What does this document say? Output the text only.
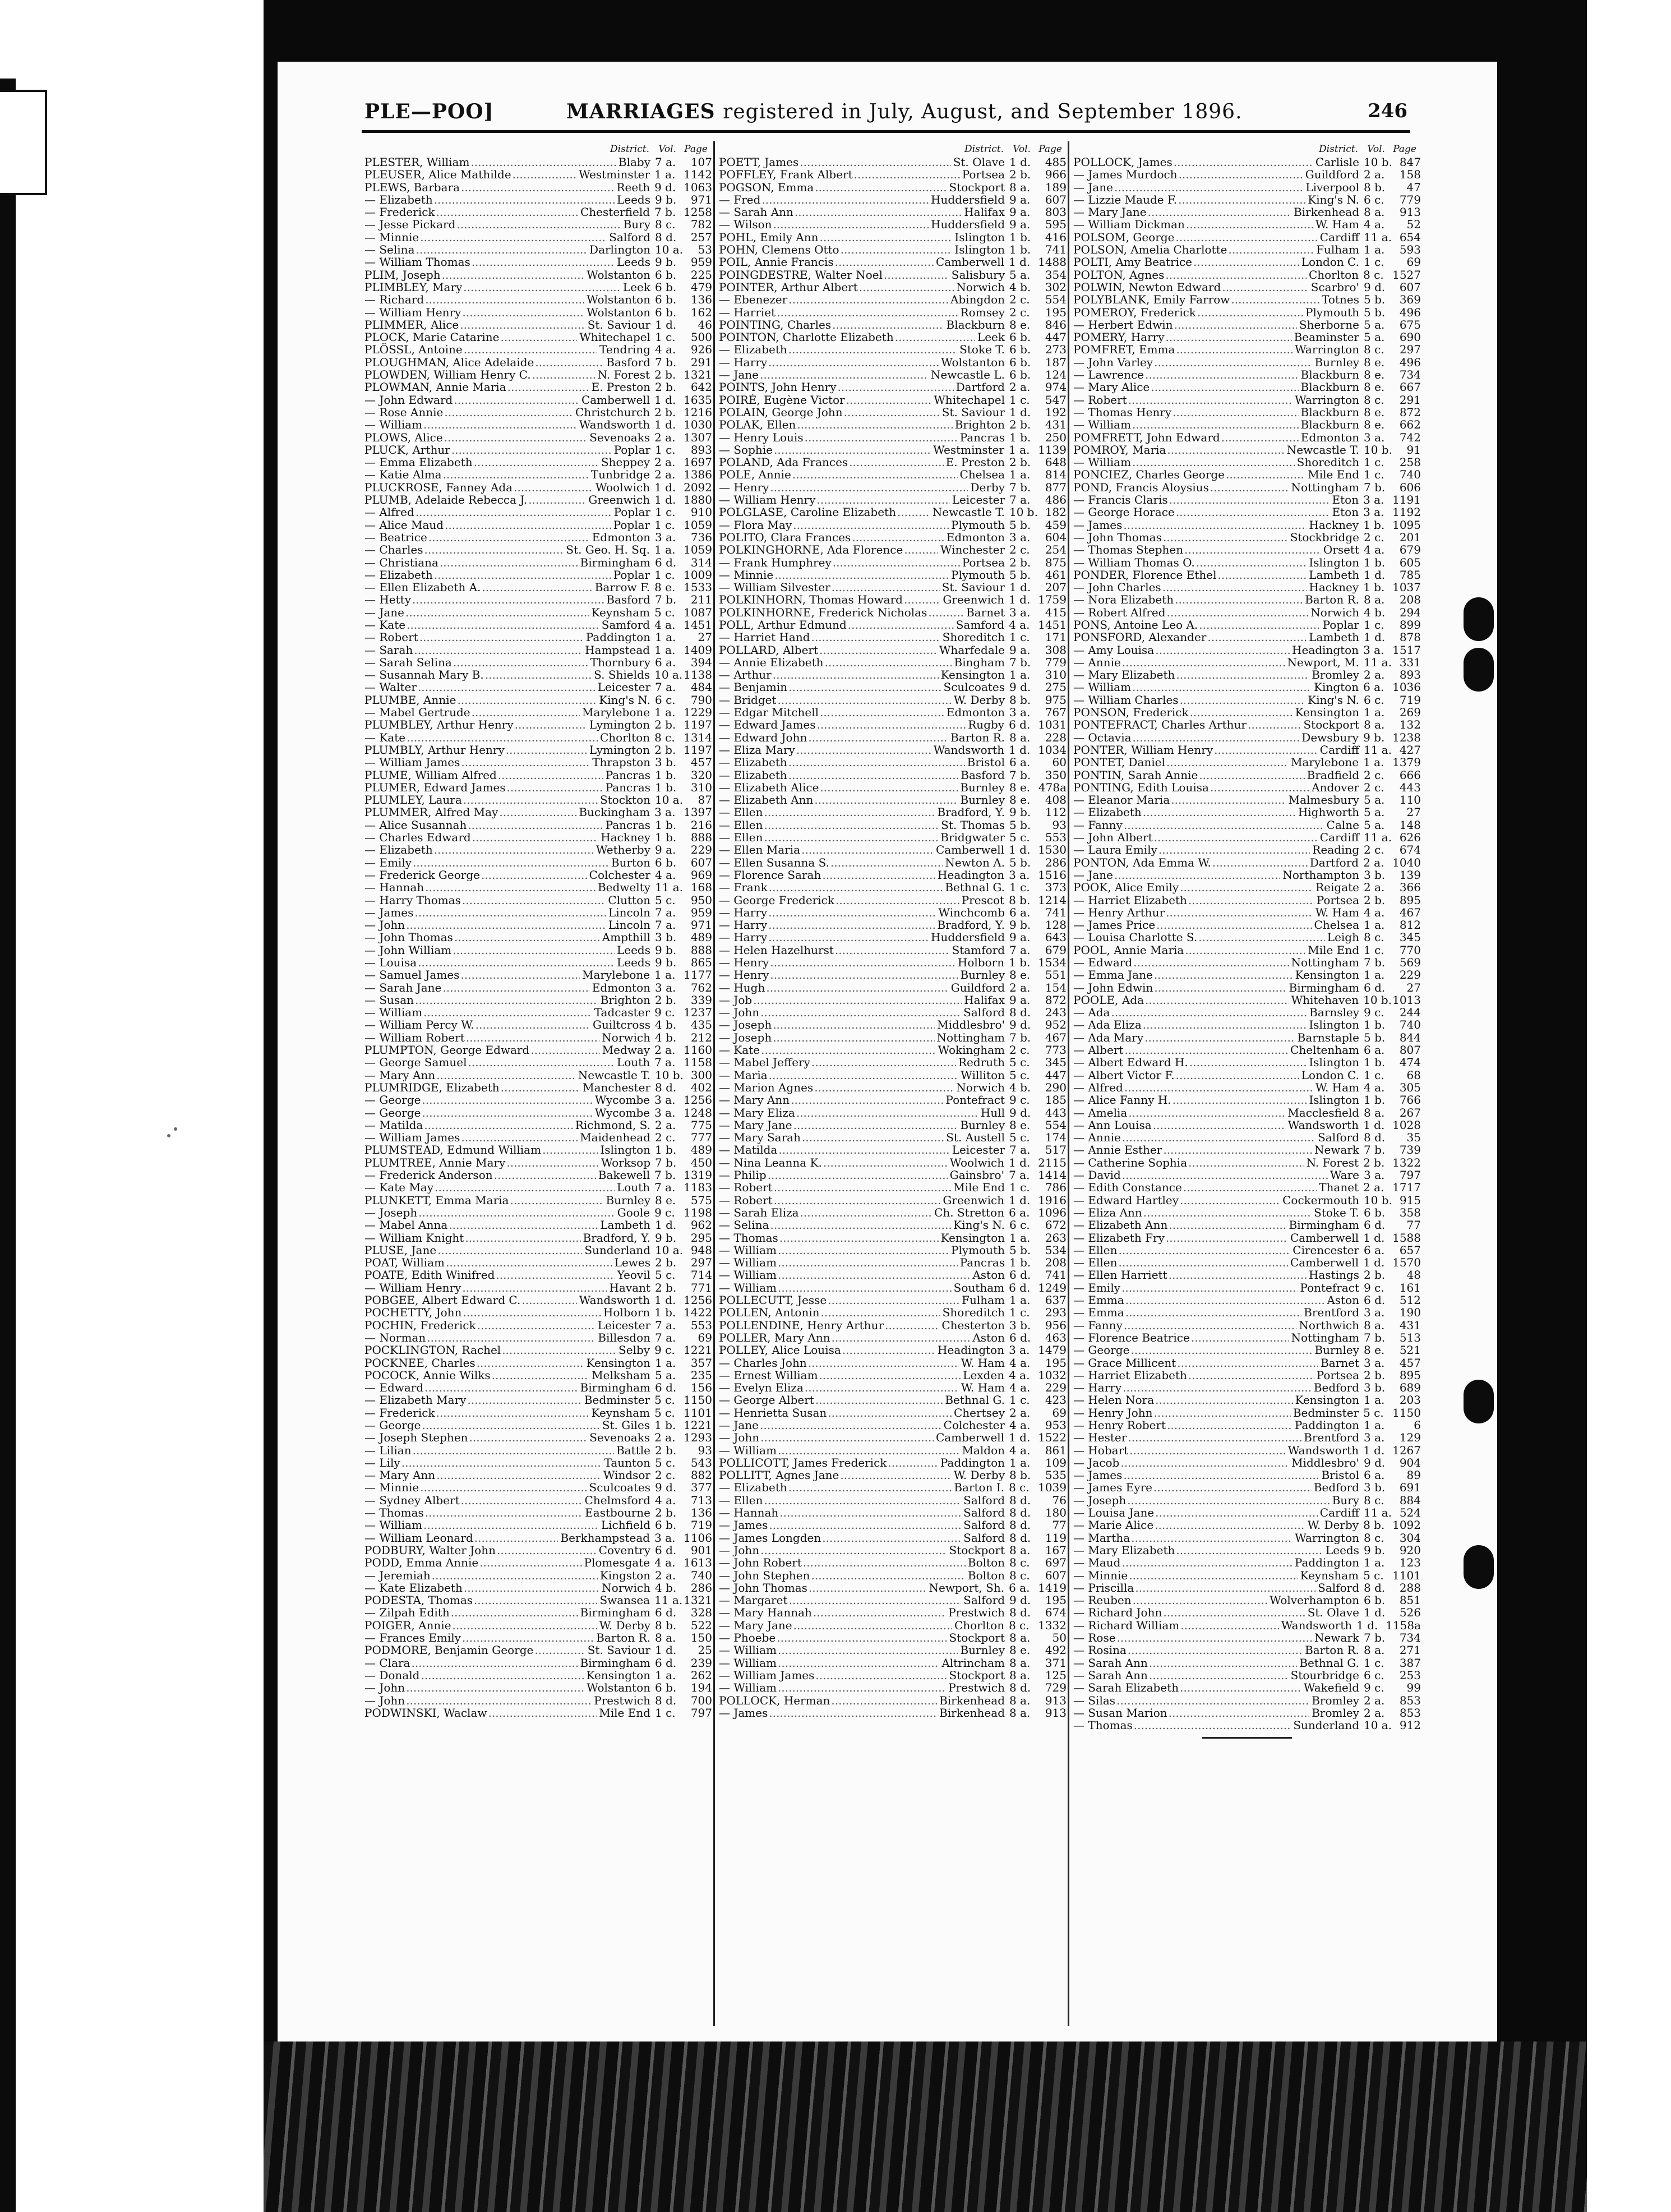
PLE—POO]	MARRIAGES registered in July, August, and September 1896.	246
District. Vol. Page
PLESTER, William .....	Blaby 7 a.	107
PLEUSER, Alice Mathilde .....	Westminster 1 a. 1142
PLEWS, Barbara .....	Reeth 9 d. 1063
— Elizabeth .....	Leeds 9 b.	971
— Frederick .....	Chesterfield 7 b. 1258
— Jesse Pickard .....	Bury 8 c.	782
— Minnie .....	Salford 8 d.	257
— Selina .....	Darlington 10 a.	53
— William Thomas .....	Leeds 9 b.	959
PLIM, Joseph .....	Wolstanton 6 b.	225
PLIMBLEY, Mary .....	Leek 6 b.	479
— Richard .....	Wolstanton 6 b.	136
— William Henry .....	Wolstanton 6 b.	162
PLIMMER, Alice .....	St. Saviour 1 d.	46
PLOCK, Marie Catarine .....	Whitechapel 1 c.	500
PLÖSSL, Antoine .....	Tendring 4 a.	926
PLOUGHMAN, Alice Adelaide .....	Basford 7 b.	291
PLOWDEN, William Henry C. .....	N. Forest 2 b. 1321
PLOWMAN, Annie Maria .....	E. Preston 2 b.	642
— John Edward .....	Camberwell 1 d. 1635
— Rose Annie .....	Christchurch 2 b. 1216
— William .....	Wandsworth 1 d. 1030
PLOWS, Alice .....	Sevenoaks 2 a. 1307
PLUCK, Arthur .....	Poplar 1 c.	893
— Emma Elizabeth .....	Sheppey 2 a. 1697
— Katie Alma .....	Tunbridge 2 a. 1386
PLUCKROSE, Fanney Ada .....	Woolwich 1 d. 2092
PLUMB, Adelaide Rebecca J. .....	Greenwich 1 d. 1880
— Alfred .....	Poplar 1 c.	910
— Alice Maud .....	Poplar 1 c. 1059
— Beatrice .....	Edmonton 3 a.	736
— Charles .....	St. Geo. H. Sq. 1 a. 1059
— Christiana .....	Birmingham 6 d.	314
— Elizabeth .....	Poplar 1 c. 1009
— Ellen Elizabeth A. .....	Barrow F. 8 e. 1533
— Hetty .....	Basford 7 b.	211
— Jane .....	Keynsham 5 c. 1087
— Kate .....	Samford 4 a. 1451
— Robert .....	Paddington 1 a.	27
— Sarah .....	Hampstead 1 a. 1409
— Sarah Selina .....	Thornbury 6 a.	394
— Susannah Mary B. .....	S. Shields 10 a. 1138
— Walter .....	Leicester 7 a.	484
PLUMBE, Annie .....	King's N. 6 c.	790
— Mabel Gertrude .....	Marylebone 1 a. 1229
PLUMBLEY, Arthur Henry .....	Lymington 2 b. 1197
— Kate .....	Chorlton 8 c. 1314
PLUMBLY, Arthur Henry .....	Lymington 2 b. 1197
— William James .....	Thrapston 3 b.	457
PLUME, William Alfred .....	Pancras 1 b.	320
PLUMER, Edward James .....	Pancras 1 b.	310
PLUMLEY, Laura .....	Stockton 10 a.	87
PLUMMER, Alfred May .....	Buckingham 3 a. 1397
— Alice Susannah .....	Pancras 1 b.	216
— Charles Edward .....	Hackney 1 b.	888
— Elizabeth .....	Wetherby 9 a.	229
— Emily .....	Burton 6 b.	607
— Frederick George .....	Colchester 4 a.	969
— Hannah .....	Bedwelty 11 a. 168
— Harry Thomas .....	Clutton 5 c.	950
— James .....	Lincoln 7 a.	959
— John .....	Lincoln 7 a.	971
— John Thomas .....	Ampthill 3 b.	489
— John William .....	Leeds 9 b.	888
— Louisa .....	Leeds 9 b.	865
— Samuel James .....	Marylebone 1 a. 1177
— Sarah Jane .....	Edmonton 3 a.	762
— Susan .....	Brighton 2 b.	339
— William .....	Tadcaster 9 c. 1237
— William Percy W. .....	Guiltcross 4 b.	435
— William Robert .....	Norwich 4 b.	212
PLUMPTON, George Edward .....	Medway 2 a. 1160
— George Samuel .....	Louth 7 a. 1158
— Mary Ann .....	Newcastle T. 10 b. 300
PLUMRIDGE, Elizabeth .....	Manchester 8 d.	402
— George .....	Wycombe 3 a. 1256
— George .....	Wycombe 3 a. 1248
— Matilda .....	Richmond, S. 2 a.	775
— William James .....	Maidenhead 2 c.	777
PLUMSTEAD, Edmund William .....	Islington 1 b.	489
PLUMTREE, Annie Mary .....	Worksop 7 b.	450
— Frederick Anderson .....	Bakewell 7 b. 1319
— Kate May .....	Louth 7 a. 1183
PLUNKETT, Emma Maria .....	Burnley 8 e.	575
— Joseph .....	Goole 9 c. 1198
— Mabel Anna .....	Lambeth 1 d.	962
— William Knight .....	Bradford, Y. 9 b.	295
PLUSE, Jane .....	Sunderland 10 a. 948
POAT, William .....	Lewes 2 b.	297
POATE, Edith Winifred .....	Yeovil 5 c.	714
— William Henry .....	Havant 2 b.	771
POBGEE, Albert Edward C. .....	Wandsworth 1 d. 1256
POCHETTY, John .....	Holborn 1 b. 1422
POCHIN, Frederick .....	Leicester 7 a.	553
— Norman .....	Billesdon 7 a.	69
POCKLINGTON, Rachel .....	Selby 9 c. 1221
POCKNEE, Charles .....	Kensington 1 a.	357
POCOCK, Annie Wilks .....	Melksham 5 a.	235
— Edward .....	Birmingham 6 d.	156
— Elizabeth Mary .....	Bedminster 5 c. 1150
— Frederick .....	Keynsham 5 c. 1101
— George .....	St. Giles 1 b. 1221
— Joseph Stephen .....	Sevenoaks 2 a. 1293
— Lilian .....	Battle 2 b.	93
— Lily .....	Taunton 5 c.	543
— Mary Ann .....	Windsor 2 c.	882
— Minnie .....	Sculcoates 9 d.	377
— Sydney Albert .....	Chelmsford 4 a.	713
— Thomas .....	Eastbourne 2 b.	136
— William .....	Lichfield 6 b.	719
— William Leonard .....	Berkhampstead 3 a. 1106
PODBURY, Walter John .....	Coventry 6 d.	901
PODD, Emma Annie .....	Plomesgate 4 a. 1613
— Jeremiah .....	Kingston 2 a.	740
— Kate Elizabeth .....	Norwich 4 b.	286
PODESTA, Thomas .....	Swansea 11 a. 1321
— Zilpah Edith .....	Birmingham 6 d.	328
POIGER, Annie .....	W. Derby 8 b.	522
— Frances Emily .....	Barton R. 8 a.	150
PODMORE, Benjamin George .....	St. Saviour 1 d.	25
— Clara .....	Birmingham 6 d.	239
— Donald .....	Kensington 1 a.	262
— John .....	Wolstanton 6 b.	194
— John .....	Prestwich 8 d.	700
PODWINSKI, Waclaw .....	Mile End 1 c.	797
District. Vol. Page
POETT, James .....	St. Olave 1 d.	485
POFFLEY, Frank Albert .....	Portsea 2 b.	966
POGSON, Emma .....	Stockport 8 a.	189
— Fred .....	Huddersfield 9 a.	607
— Sarah Ann .....	Halifax 9 a.	803
— Wilson .....	Huddersfield 9 a.	595
POHL, Emily Ann .....	Islington 1 b.	416
POHN, Clemens Otto .....	Islington 1 b.	741
POIL, Annie Francis .....	Camberwell 1 d. 1488
POINGDESTRE, Walter Noel .....	Salisbury 5 a.	354
POINTER, Arthur Albert .....	Norwich 4 b.	302
— Ebenezer .....	Abingdon 2 c.	554
— Harriet .....	Romsey 2 c.	195
POINTING, Charles .....	Blackburn 8 e.	846
POINTON, Charlotte Elizabeth .....	Leek 6 b.	447
— Elizabeth .....	Stoke T. 6 b.	273
— Harry .....	Wolstanton 6 b.	187
— Jane .....	Newcastle L. 6 b.	124
POINTS, John Henry .....	Dartford 2 a.	974
POIRÉ, Eugène Victor .....	Whitechapel 1 c.	547
POLAIN, George John .....	St. Saviour 1 d.	192
POLAK, Ellen .....	Brighton 2 b.	431
— Henry Louis .....	Pancras 1 b.	250
— Sophie .....	Westminster 1 a. 1139
POLAND, Ada Frances .....	E. Preston 2 b.	648
POLE, Annie .....	Chelsea 1 a.	814
— Henry .....	Derby 7 b.	877
— William Henry .....	Leicester 7 a.	486
POLGLASE, Caroline Elizabeth .....	Newcastle T. 10 b. 182
— Flora May .....	Plymouth 5 b.	459
POLITO, Clara Frances .....	Edmonton 3 a.	604
POLKINGHORNE, Ada Florence .....	Winchester 2 c.	254
— Frank Humphrey .....	Portsea 2 b.	875
— Minnie .....	Plymouth 5 b.	461
— William Silvester .....	St. Saviour 1 d.	207
POLKINHORN, Thomas Howard .....	Greenwich 1 d. 1759
POLKINHORNE, Frederick Nicholas .....	Barnet 3 a.	415
POLL, Arthur Edmund .....	Samford 4 a. 1451
— Harriet Hand .....	Shoreditch 1 c.	171
POLLARD, Albert .....	Wharfedale 9 a.	308
— Annie Elizabeth .....	Bingham 7 b.	779
— Arthur .....	Kensington 1 a.	310
— Benjamin .....	Sculcoates 9 d.	275
— Bridget .....	W. Derby 8 b.	975
— Edgar Mitchell .....	Edmonton 3 a.	767
— Edward James .....	Rugby 6 d. 1031
— Edward John .....	Barton R. 8 a.	228
— Eliza Mary .....	Wandsworth 1 d. 1034
— Elizabeth .....	Bristol 6 a.	60
— Elizabeth .....	Basford 7 b.	350
— Elizabeth Alice .....	Burnley 8 e. 478a
— Elizabeth Ann .....	Burnley 8 e.	408
— Ellen .....	Bradford, Y. 9 b.	112
— Ellen .....	St. Thomas 5 b.	93
— Ellen .....	Bridgwater 5 c.	553
— Ellen Maria .....	Camberwell 1 d. 1530
— Ellen Susanna S. .....	Newton A. 5 b.	286
— Florence Sarah .....	Headington 3 a. 1516
— Frank .....	Bethnal G. 1 c.	373
— George Frederick .....	Prescot 8 b. 1214
— Harry .....	Winchcomb 6 a.	741
— Harry .....	Bradford, Y. 9 b.	128
— Harry .....	Huddersfield 9 a.	643
— Helen Hazelhurst .....	Stamford 7 a.	679
— Henry .....	Holborn 1 b. 1534
— Henry .....	Burnley 8 e.	551
— Hugh .....	Guildford 2 a.	154
— Job .....	Halifax 9 a.	872
— John .....	Salford 8 d.	243
— Joseph .....	Middlesbro' 9 d.	952
— Joseph .....	Nottingham 7 b.	467
— Kate .....	Wokingham 2 c.	773
— Mabel Jeffery .....	Redruth 5 c.	345
— Maria .....	Williton 5 c.	447
— Marion Agnes .....	Norwich 4 b.	290
— Mary Ann .....	Pontefract 9 c.	185
— Mary Eliza .....	Hull 9 d.	443
— Mary Jane .....	Burnley 8 e.	554
— Mary Sarah .....	St. Austell 5 c.	174
— Matilda .....	Leicester 7 a.	517
— Nina Leanna K. .....	Woolwich 1 d. 2115
— Philip .....	Gainsbro' 7 a. 1414
— Robert .....	Mile End 1 c.	786
— Robert .....	Greenwich 1 d. 1916
— Sarah Eliza .....	Ch. Stretton 6 a. 1096
— Selina .....	King's N. 6 c.	672
— Thomas .....	Kensington 1 a.	263
— William .....	Plymouth 5 b.	534
— William .....	Pancras 1 b.	208
— William .....	Aston 6 d.	741
— William .....	Southam 6 d. 1249
POLLECUTT, Jesse .....	Fulham 1 a.	637
POLLEN, Antonin .....	Shoreditch 1 c.	293
POLLENDINE, Henry Arthur .....	Chesterton 3 b.	956
POLLER, Mary Ann .....	Aston 6 d.	463
POLLEY, Alice Louisa .....	Headington 3 a. 1479
— Charles John .....	W. Ham 4 a.	195
— Ernest William .....	Lexden 4 a. 1032
— Evelyn Eliza .....	W. Ham 4 a.	229
— George Albert .....	Bethnal G. 1 c.	423
— Henrietta Susan .....	Chertsey 2 a.	69
— Jane .....	Colchester 4 a.	953
— John .....	Camberwell 1 d. 1522
— William .....	Maldon 4 a.	861
POLLICOTT, James Frederick .....	Paddington 1 a.	109
POLLITT, Agnes Jane .....	W. Derby 8 b.	535
— Elizabeth .....	Barton I. 8 c. 1039
— Ellen .....	Salford 8 d.	76
— Hannah .....	Salford 8 d.	180
— James .....	Salford 8 d.	77
— James Longden .....	Salford 8 d.	119
— John .....	Stockport 8 a.	167
— John Robert .....	Bolton 8 c.	697
— John Stephen .....	Bolton 8 c.	607
— John Thomas .....	Newport, Sh. 6 a. 1419
— Margaret .....	Salford 9 d.	195
— Mary Hannah .....	Prestwich 8 d.	674
— Mary Jane .....	Chorlton 8 c. 1332
— Phoebe .....	Stockport 8 a.	50
— William .....	Burnley 8 e.	492
— William .....	Altrincham 8 a.	371
— William James .....	Stockport 8 a.	125
— William .....	Prestwich 8 d.	729
POLLOCK, Herman .....	Birkenhead 8 a.	913
— James .....	Birkenhead 8 a.	913
District. Vol. Page
POLLOCK, James .....	Carlisle 10 b. 847
— James Murdoch .....	Guildford 2 a.	158
— Jane .....	Liverpool 8 b.	47
— Lizzie Maude F. .....	King's N. 6 c.	779
— Mary Jane .....	Birkenhead 8 a.	913
— William Dickman .....	W. Ham 4 a.	52
POLSOM, George .....	Cardiff 11 a. 654
POLSON, Amelia Charlotte .....	Fulham 1 a.	593
POLTI, Amy Beatrice .....	London C. 1 c.	69
POLTON, Agnes .....	Chorlton 8 c. 1527
POLWIN, Newton Edward .....	Scarbro' 9 d.	607
POLYBLANK, Emily Farrow .....	Totnes 5 b.	369
POMEROY, Frederick .....	Plymouth 5 b.	496
— Herbert Edwin .....	Sherborne 5 a.	675
POMERY, Harry .....	Beaminster 5 a.	690
POMFRET, Emma .....	Warrington 8 c.	297
— John Varley .....	Burnley 8 e.	496
— Lawrence .....	Blackburn 8 e.	734
— Mary Alice .....	Blackburn 8 e.	667
— Robert .....	Warrington 8 c.	291
— Thomas Henry .....	Blackburn 8 e.	872
— William .....	Blackburn 8 e.	662
POMFRETT, John Edward .....	Edmonton 3 a.	742
POMROY, Maria .....	Newcastle T. 10 b.	91
— William .....	Shoreditch 1 c.	258
PONCIEZ, Charles George .....	Mile End 1 c.	740
POND, Francis Aloysius .....	Nottingham 7 b.	606
— Francis Claris .....	Eton 3 a. 1191
— George Horace .....	Eton 3 a. 1192
— James .....	Hackney 1 b. 1095
— John Thomas .....	Stockbridge 2 c.	201
— Thomas Stephen .....	Orsett 4 a.	679
— William Thomas O. .....	Islington 1 b.	605
PONDER, Florence Ethel .....	Lambeth 1 d.	785
— John Charles .....	Hackney 1 b. 1037
— Nora Elizabeth .....	Barton R. 8 a.	208
— Robert Alfred .....	Norwich 4 b.	294
PONS, Antoine Leo A. .....	Poplar 1 c.	899
PONSFORD, Alexander .....	Lambeth 1 d.	878
— Amy Louisa .....	Headington 3 a. 1517
— Annie .....	Newport, M. 11 a. 331
— Mary Elizabeth .....	Bromley 2 a.	893
— William .....	Kington 6 a. 1036
— William Charles .....	King's N. 6 c.	719
PONSON, Frederick .....	Kensington 1 a.	269
PONTEFRACT, Charles Arthur .....	Stockport 8 a.	132
— Octavia .....	Dewsbury 9 b. 1238
PONTER, William Henry .....	Cardiff 11 a. 427
PONTET, Daniel .....	Marylebone 1 a. 1379
PONTIN, Sarah Annie .....	Bradfield 2 c.	666
PONTING, Edith Louisa .....	Andover 2 c.	443
— Eleanor Maria .....	Malmesbury 5 a.	110
— Elizabeth .....	Highworth 5 a.	27
— Fanny .....	Calne 5 a.	148
— John Albert .....	Cardiff 11 a. 626
— Laura Emily .....	Reading 2 c.	674
PONTON, Ada Emma W. .....	Dartford 2 a. 1040
— Jane .....	Northampton 3 b.	139
POOK, Alice Emily .....	Reigate 2 a.	366
— Harriet Elizabeth .....	Portsea 2 b.	895
— Henry Arthur .....	W. Ham 4 a.	467
— James Price .....	Chelsea 1 a.	812
— Louisa Charlotte S. .....	Leigh 8 c.	345
POOL, Annie Maria .....	Mile End 1 c.	770
— Edward .....	Nottingham 7 b.	569
— Emma Jane .....	Kensington 1 a.	229
— John Edwin .....	Birmingham 6 d.	27
POOLE, Ada .....	Whitehaven 10 b. 1013
— Ada .....	Barnsley 9 c.	244
— Ada Eliza .....	Islington 1 b.	740
— Ada Mary .....	Barnstaple 5 b.	844
— Albert .....	Cheltenham 6 a.	807
— Albert Edward H. .....	Islington 1 b.	474
— Albert Victor F. .....	London C. 1 c.	68
— Alfred .....	W. Ham 4 a.	305
— Alice Fanny H. .....	Islington 1 b.	766
— Amelia .....	Macclesfield 8 a.	267
— Ann Louisa .....	Wandsworth 1 d. 1028
— Annie .....	Salford 8 d.	35
— Annie Esther .....	Newark 7 b.	739
— Catherine Sophia .....	N. Forest 2 b. 1322
— David .....	Ware 3 a.	797
— Edith Constance .....	Thanet 2 a. 1717
— Edward Hartley .....	Cockermouth 10 b. 915
— Eliza Ann .....	Stoke T. 6 b.	358
— Elizabeth Ann .....	Birmingham 6 d.	77
— Elizabeth Fry .....	Camberwell 1 d. 1588
— Ellen .....	Cirencester 6 a.	657
— Ellen .....	Camberwell 1 d. 1570
— Ellen Harriett .....	Hastings 2 b.	48
— Emily .....	Pontefract 9 c.	161
— Emma .....	Aston 6 d.	512
— Emma .....	Brentford 3 a.	190
— Fanny .....	Northwich 8 a.	431
— Florence Beatrice .....	Nottingham 7 b.	513
— George .....	Burnley 8 e.	521
— Grace Millicent .....	Barnet 3 a.	457
— Harriet Elizabeth .....	Portsea 2 b.	895
— Harry .....	Bedford 3 b.	689
— Helen Nora .....	Kensington 1 a.	203
— Henry John .....	Bedminster 5 c. 1150
— Henry Robert .....	Paddington 1 a.	6
— Hester .....	Brentford 3 a.	129
— Hobart .....	Wandsworth 1 d. 1267
— Jacob .....	Middlesbro' 9 d.	904
— James .....	Bristol 6 a.	89
— James Eyre .....	Bedford 3 b.	691
— Joseph .....	Bury 8 c.	884
— Louisa Jane .....	Cardiff 11 a. 524
— Marie Alice .....	W. Derby 8 b. 1092
— Martha .....	Warrington 8 c.	304
— Mary Elizabeth .....	Leeds 9 b.	920
— Maud .....	Paddington 1 a.	123
— Minnie .....	Keynsham 5 c. 1101
— Priscilla .....	Salford 8 d.	288
— Reuben .....	Wolverhampton 6 b.	851
— Richard John .....	St. Olave 1 d.	526
— Richard William .....	Wandsworth 1 d. 1158a
— Rose .....	Newark 7 b.	734
— Rosina .....	Barton R. 8 a.	271
— Sarah Ann .....	Bethnal G. 1 c.	387
— Sarah Ann .....	Stourbridge 6 c.	253
— Sarah Elizabeth .....	Wakefield 9 c.	99
— Silas .....	Bromley 2 a.	853
— Susan Marion .....	Bromley 2 a.	853
— Thomas .....	Sunderland 10 a. 912
